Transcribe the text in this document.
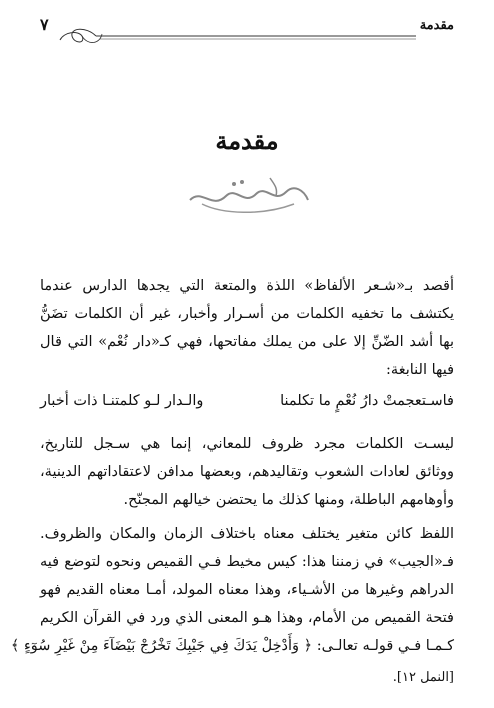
مقدمة
٧
مقدمة
أقصد بـ«شـعر الألفاظ» اللذة والمتعة التي يجدها الدارس عندما
يكتشف ما تخفيه الكلمات من أسـرار وأخبار، غير أن الكلمات تضَنُّ
بها أشد الضّنِّ إلا على من يملك مفاتحها، فهي كـ«دار نُعْم» التي قال
فيها النابغة:
فاسـتعجمتْ دارُ نُعْمٍ ما تكلمنا
والـدار لـو كلمتنـا ذات أخبار
ليسـت الكلمات مجرد ظروف للمعاني، إنما هي سـجل للتاريخ،
ووثائق لعادات الشعوب وتقاليدهم، وبعضها مدافن لاعتقاداتهم الدينية،
وأوهامهم الباطلة، ومنها كذلك ما يحتضن خيالهم المجنّح.
اللفظ كائن متغير يختلف معناه باختلاف الزمان والمكان والظروف.
فـ«الجيب» في زمننا هذا: كيس مخيط فـي القميص ونحوه لتوضع فيه
الدراهم وغيرها من الأشـياء، وهذا معناه المولد، أمـا معناه القديم فهو
فتحة القميص من الأمام، وهذا هـو المعنى الذي ورد في القرآن الكريم
كـمـا فـي قولـه تعالـى: ﴿ وَأَدْخِلْ يَدَكَ فِي جَيْبِكَ تَخْرُجْ بَيْضَآءَ مِنْ غَيْرِ سُوٓءٍ ﴾
[النمل ١٢].
